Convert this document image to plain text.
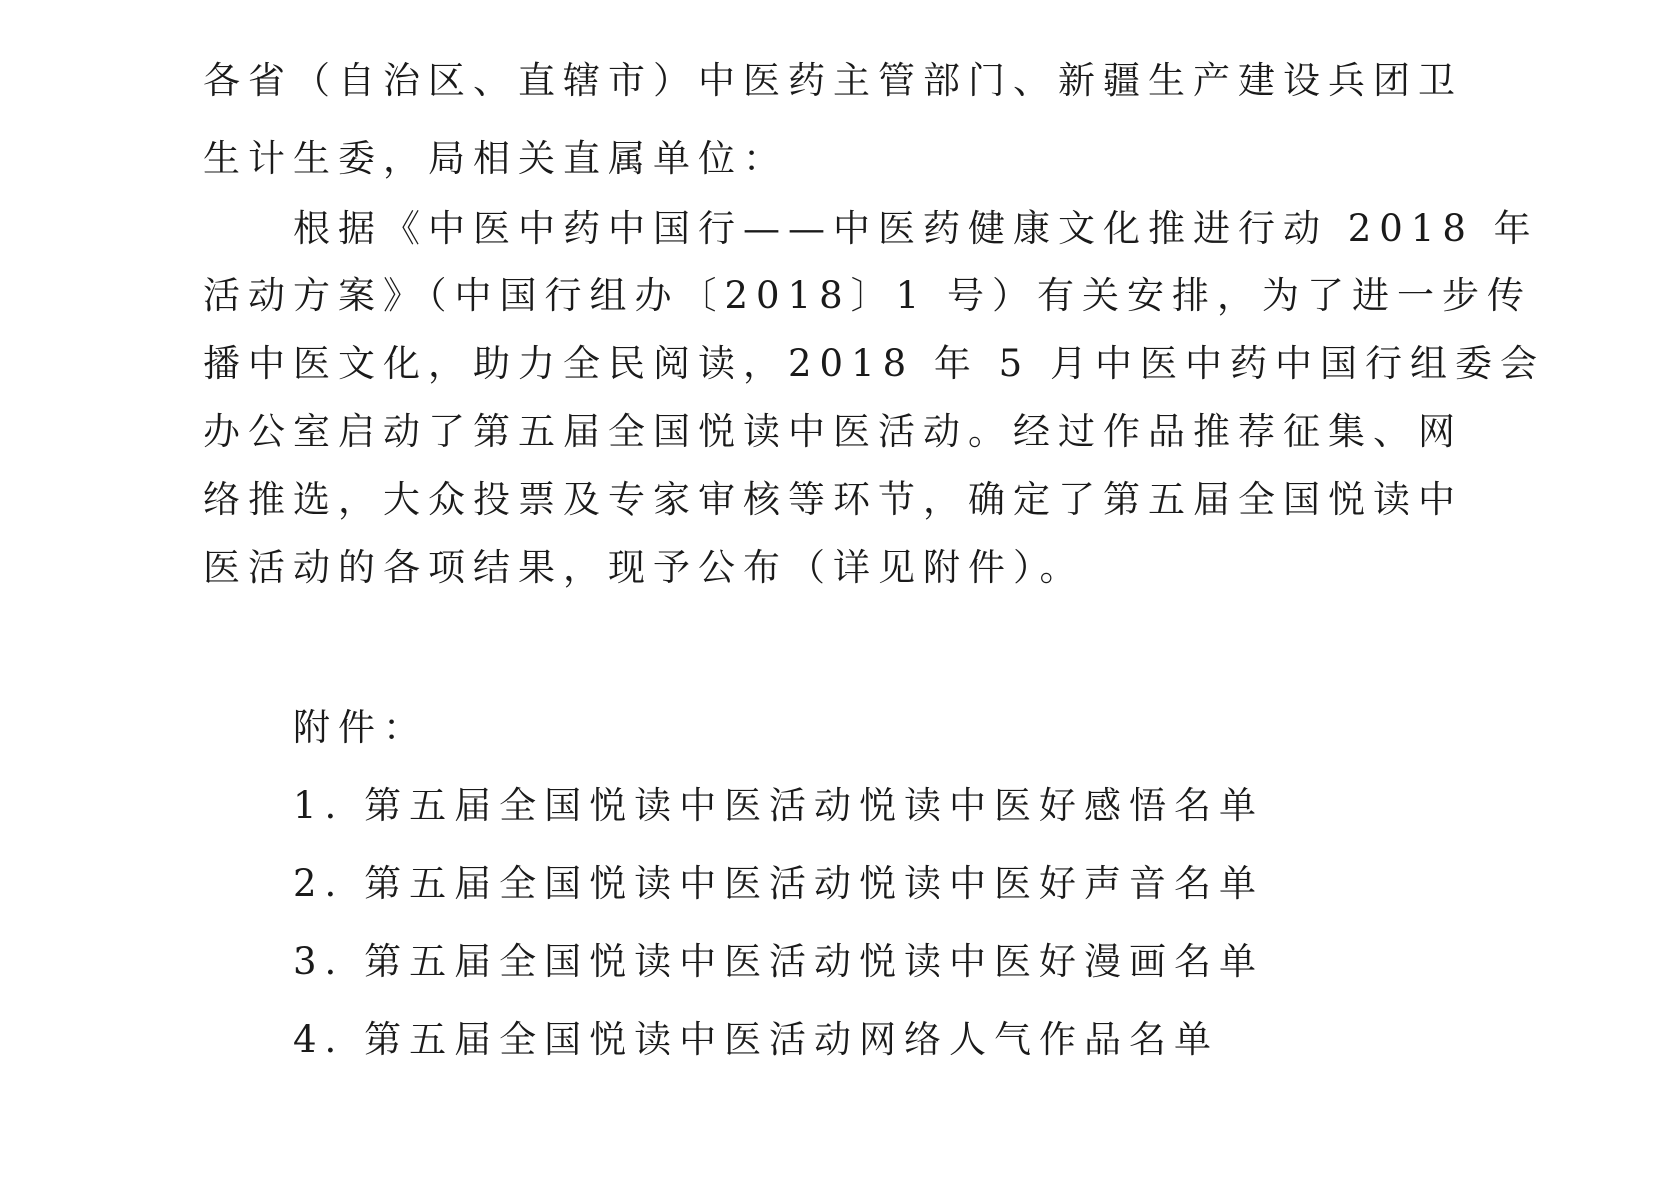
各省（自治区、直辖市）中医药主管部门、新疆生产建设兵团卫
生计生委，局相关直属单位：
根据《中医中药中国行——中医药健康文化推进行动 2018 年
活动方案》（中国行组办〔2018〕1 号）有关安排，为了进一步传
播中医文化，助力全民阅读，2018 年 5 月中医中药中国行组委会
办公室启动了第五届全国悦读中医活动。经过作品推荐征集、网
络推选，大众投票及专家审核等环节，确定了第五届全国悦读中
医活动的各项结果，现予公布（详见附件）。
附件：
1. 第五届全国悦读中医活动悦读中医好感悟名单
2. 第五届全国悦读中医活动悦读中医好声音名单
3. 第五届全国悦读中医活动悦读中医好漫画名单
4. 第五届全国悦读中医活动网络人气作品名单
